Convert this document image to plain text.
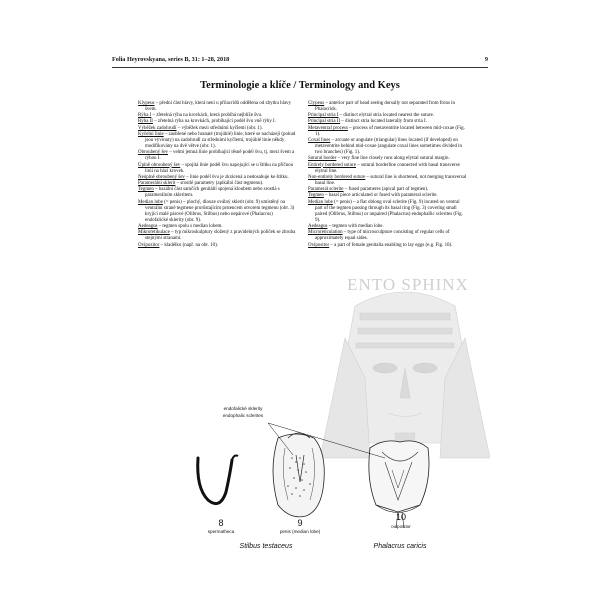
Folia Heyrovskyana, series B, 31: 1–28, 2018	9
Terminologie a klíče / Terminology and Keys

Klypeus – přední část hlavy, která není u přilacridů oddělena od zbytku hlavy švem.

Rýha I – zřetelná rýha na krovkách, která probíhá nejblíže švu.

Rýha II – zřetelná rýha na krovkách, probíhající podél švu vně rýhy I.

Výběžek zadohruđí – výběžek mezi středními kyčlemi (obr. 1).

Kyčelní linie – zaoblené nebo hranaté (trojúhlé) linie, které se nacházejí (pokud jsou vyvinuty) na zadohruđí za středními kyčlemi, trojúhlé linie někdy modifikovány na dvě větve (obr. 1).

Obroubený šev – velmi jemná linie probíhající těsně podél švu, tj. mezi švem a rýhou I.

Úplně obroubený šev – spojitá linie podél švu napojující se u štítku na příčnou linii na bázi krovek.

Neúplně obroubený šev – linie podél švu je zkrácená a nedosahuje ke štítku.

Paramerální sklerit – srostlé parametry (apikální část tegmenu).

Tegmen – bazální část samčích genitálií spojená kloubem nebo srostlá s paramerálním skleritem.

Median lobe (= penis) – plochý, dlouze oválný sklerit (obr. 9) umístěný na ventrální straně tegmene prorůstajícím prstencem otvorem tegmenu (obr. 3) kryjící malé párové (Olibrus, Stilbus) nebo nepárové (Phalacrus) endofalické sklerity (obr. 9).

Aedeagus – tegmen spolu s median lobem.

Mikroretikulace – typ mikroskulptury složený z pravidelných políček se zhruba stejnými stranami.

Ovipozitor – kladélko (např. na obr. 10).

Clypeus – anterior part of head seeing dorsally not separated from frons in Phalacrids.

Principal stria I – distinct elytral stria located nearest the suture.

Principal stria II – distinct stria located laterally from stria I.

Metaventral process – process of metaventrite located between mid-coxae (Fig. 1).

Coxal lines – arcuate or angulate (triangular) lines located (if developed) on metaventrite behind mid-coxae (angulate coxal lines sometimes divided in two branches) (Fig. 1).

Sutural border – very fine line closely runs along elytral sutural margin.

Entirely bordered suture – sutural borderline connected with basal transverse elytral line.

Non-entirely bordered suture – sutural line is shortened, not merging transversal basal line.

Parameral sclerite – fused parameres (apical part of tegmen).

Tegmen – basal piece articulated or fused with parameral sclerite.

Median lobe (= penis) – a flat oblong oval sclerite (Fig. 9) located on ventral part of the tegmen passing through its basal ring (Fig. 3) covering small paired (Olibrus, Stilbus) or unpaired (Phalacrus) endophallic sclerites (Fig. 9).

Aedeagus – tegmen with median lobe.

Microreticulation – type of microsculpture consisting of regular cells of approximately equal sides.

Ovipositor – a part of female genitalia enabling to lay eggs (e.g. Fig. 10).

ENTO SPHINX
endofalické sklerity
endophalic sclerites
8
spermatheca
9
penis (median lobe)
10
ovipositor
Stilbus testaceus	Phalacrus caricis
